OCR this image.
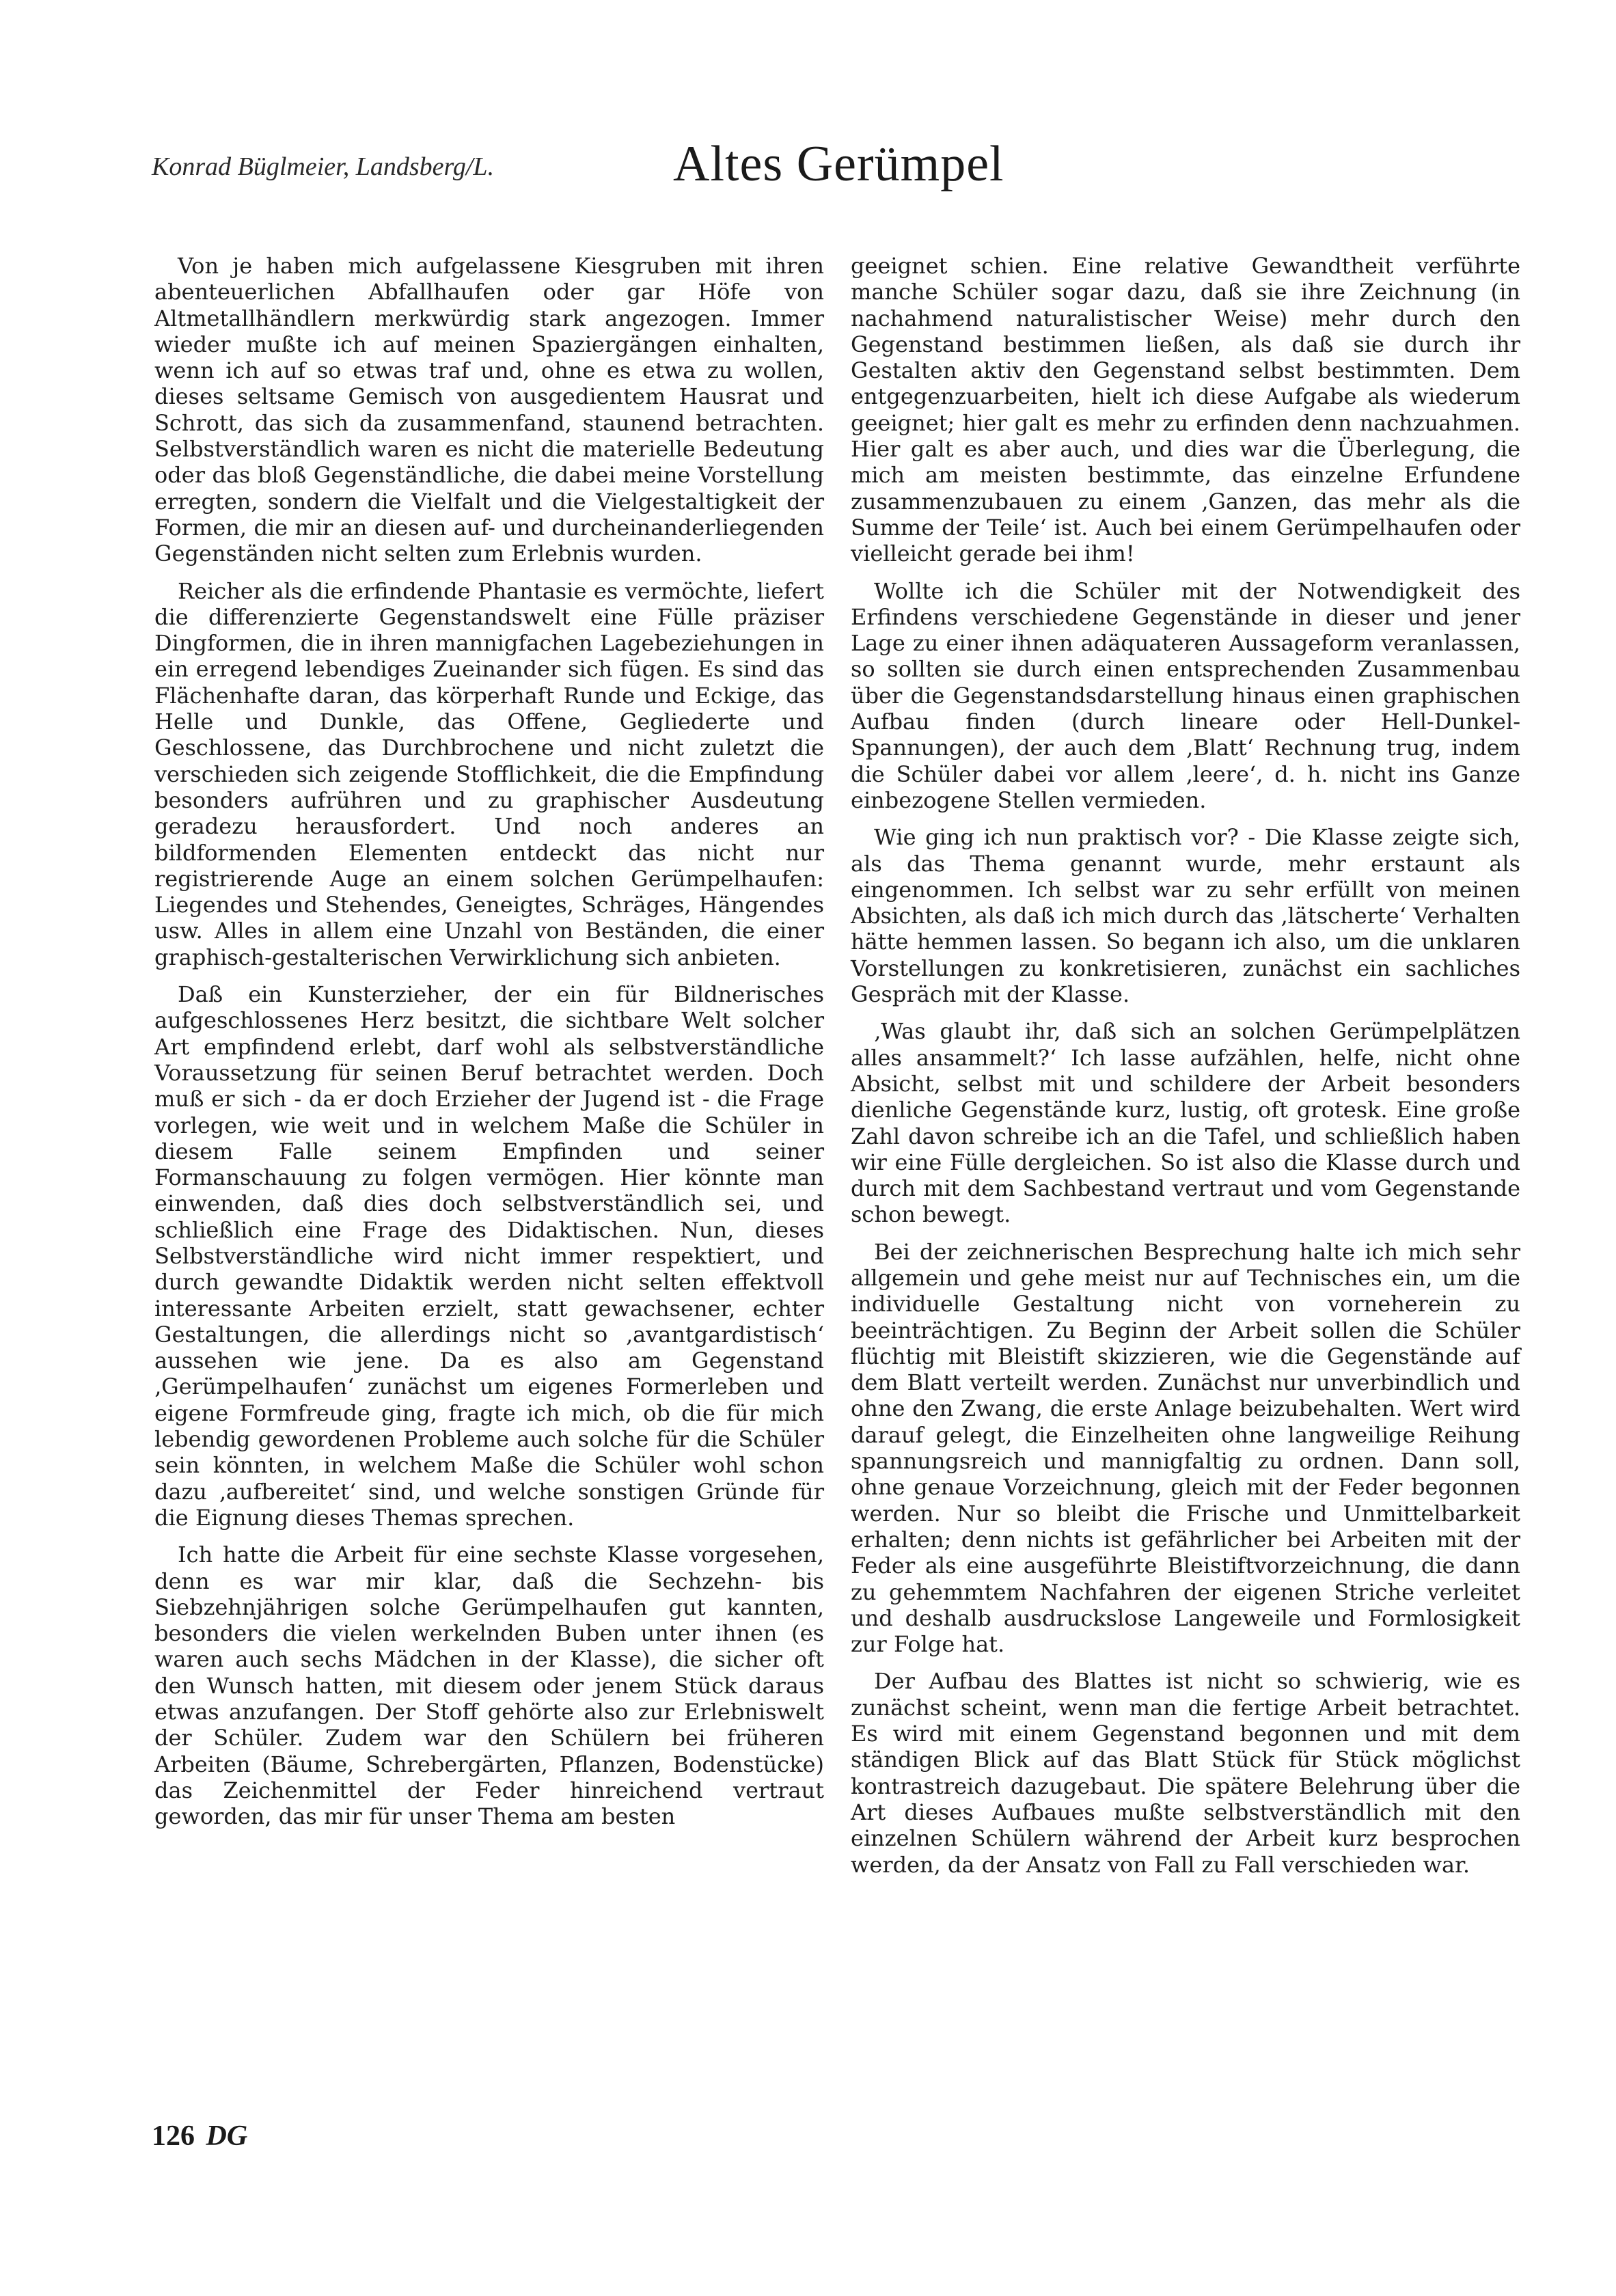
Konrad Büglmeier, Landsberg/L.	Altes Gerümpel

Von je haben mich aufgelassene Kiesgruben mit ihren abenteuerlichen Abfallhaufen oder gar Höfe von Altmetallhändlern merkwürdig stark angezogen. Immer wieder mußte ich auf meinen Spaziergängen einhalten, wenn ich auf so etwas traf und, ohne es etwa zu wollen, dieses seltsame Gemisch von ausgedientem Hausrat und Schrott, das sich da zusammenfand, staunend betrachten. Selbstverständlich waren es nicht die materielle Bedeutung oder das bloß Gegenständliche, die dabei meine Vorstellung erregten, sondern die Vielfalt und die Vielgestaltigkeit der Formen, die mir an diesen auf- und durcheinanderliegenden Gegenständen nicht selten zum Erlebnis wurden.

Reicher als die erfindende Phantasie es vermöchte, liefert die differenzierte Gegenstandswelt eine Fülle präziser Dingformen, die in ihren mannigfachen Lagebeziehungen in ein erregend lebendiges Zueinander sich fügen. Es sind das Flächenhafte daran, das körperhaft Runde und Eckige, das Helle und Dunkle, das Offene, Gegliederte und Geschlossene, das Durchbrochene und nicht zuletzt die verschieden sich zeigende Stofflichkeit, die die Empfindung besonders aufrühren und zu graphischer Ausdeutung geradezu herausfordert. Und noch anderes an bildformenden Elementen entdeckt das nicht nur registrierende Auge an einem solchen Gerümpelhaufen: Liegendes und Stehendes, Geneigtes, Schräges, Hängendes usw. Alles in allem eine Unzahl von Beständen, die einer graphisch-gestalterischen Verwirklichung sich anbieten.

Daß ein Kunsterzieher, der ein für Bildnerisches aufgeschlossenes Herz besitzt, die sichtbare Welt solcher Art empfindend erlebt, darf wohl als selbstverständliche Voraussetzung für seinen Beruf betrachtet werden. Doch muß er sich - da er doch Erzieher der Jugend ist - die Frage vorlegen, wie weit und in welchem Maße die Schüler in diesem Falle seinem Empfinden und seiner Formanschauung zu folgen vermögen. Hier könnte man einwenden, daß dies doch selbstverständlich sei, und schließlich eine Frage des Didaktischen. Nun, dieses Selbstverständliche wird nicht immer respektiert, und durch gewandte Didaktik werden nicht selten effektvoll interessante Arbeiten erzielt, statt gewachsener, echter Gestaltungen, die allerdings nicht so ‚avantgardistisch‘ aussehen wie jene. Da es also am Gegenstand ‚Gerümpelhaufen‘ zunächst um eigenes Formerleben und eigene Formfreude ging, fragte ich mich, ob die für mich lebendig gewordenen Probleme auch solche für die Schüler sein könnten, in welchem Maße die Schüler wohl schon dazu ‚aufbereitet‘ sind, und welche sonstigen Gründe für die Eignung dieses Themas sprechen.

Ich hatte die Arbeit für eine sechste Klasse vorgesehen, denn es war mir klar, daß die Sechzehn- bis Siebzehnjährigen solche Gerümpelhaufen gut kannten, besonders die vielen werkelnden Buben unter ihnen (es waren auch sechs Mädchen in der Klasse), die sicher oft den Wunsch hatten, mit diesem oder jenem Stück daraus etwas anzufangen. Der Stoff gehörte also zur Erlebniswelt der Schüler. Zudem war den Schülern bei früheren Arbeiten (Bäume, Schrebergärten, Pflanzen, Bodenstücke) das Zeichenmittel der Feder hinreichend vertraut geworden, das mir für unser Thema am besten

geeignet schien. Eine relative Gewandtheit verführte manche Schüler sogar dazu, daß sie ihre Zeichnung (in nachahmend naturalistischer Weise) mehr durch den Gegenstand bestimmen ließen, als daß sie durch ihr Gestalten aktiv den Gegenstand selbst bestimmten. Dem entgegenzuarbeiten, hielt ich diese Aufgabe als wiederum geeignet; hier galt es mehr zu erfinden denn nachzuahmen. Hier galt es aber auch, und dies war die Überlegung, die mich am meisten bestimmte, das einzelne Erfundene zusammenzubauen zu einem ‚Ganzen, das mehr als die Summe der Teile‘ ist. Auch bei einem Gerümpelhaufen oder vielleicht gerade bei ihm!

Wollte ich die Schüler mit der Notwendigkeit des Erfindens verschiedene Gegenstände in dieser und jener Lage zu einer ihnen adäquateren Aussageform veranlassen, so sollten sie durch einen entsprechenden Zusammenbau über die Gegenstandsdarstellung hinaus einen graphischen Aufbau finden (durch lineare oder Hell-Dunkel-Spannungen), der auch dem ‚Blatt‘ Rechnung trug, indem die Schüler dabei vor allem ‚leere‘, d. h. nicht ins Ganze einbezogene Stellen vermieden.

Wie ging ich nun praktisch vor? - Die Klasse zeigte sich, als das Thema genannt wurde, mehr erstaunt als eingenommen. Ich selbst war zu sehr erfüllt von meinen Absichten, als daß ich mich durch das ‚lätscherte‘ Verhalten hätte hemmen lassen. So begann ich also, um die unklaren Vorstellungen zu konkretisieren, zunächst ein sachliches Gespräch mit der Klasse.

‚Was glaubt ihr, daß sich an solchen Gerümpelplätzen alles ansammelt?‘ Ich lasse aufzählen, helfe, nicht ohne Absicht, selbst mit und schildere der Arbeit besonders dienliche Gegenstände kurz, lustig, oft grotesk. Eine große Zahl davon schreibe ich an die Tafel, und schließlich haben wir eine Fülle dergleichen. So ist also die Klasse durch und durch mit dem Sachbestand vertraut und vom Gegenstande schon bewegt.

Bei der zeichnerischen Besprechung halte ich mich sehr allgemein und gehe meist nur auf Technisches ein, um die individuelle Gestaltung nicht von vorneherein zu beeinträchtigen. Zu Beginn der Arbeit sollen die Schüler flüchtig mit Bleistift skizzieren, wie die Gegenstände auf dem Blatt verteilt werden. Zunächst nur unverbindlich und ohne den Zwang, die erste Anlage beizubehalten. Wert wird darauf gelegt, die Einzelheiten ohne langweilige Reihung spannungsreich und mannigfaltig zu ordnen. Dann soll, ohne genaue Vorzeichnung, gleich mit der Feder begonnen werden. Nur so bleibt die Frische und Unmittelbarkeit erhalten; denn nichts ist gefährlicher bei Arbeiten mit der Feder als eine ausgeführte Bleistiftvorzeichnung, die dann zu gehemmtem Nachfahren der eigenen Striche verleitet und deshalb ausdruckslose Langeweile und Formlosigkeit zur Folge hat.

Der Aufbau des Blattes ist nicht so schwierig, wie es zunächst scheint, wenn man die fertige Arbeit betrachtet. Es wird mit einem Gegenstand begonnen und mit dem ständigen Blick auf das Blatt Stück für Stück möglichst kontrastreich dazugebaut. Die spätere Belehrung über die Art dieses Aufbaues mußte selbstverständlich mit den einzelnen Schülern während der Arbeit kurz besprochen werden, da der Ansatz von Fall zu Fall verschieden war.

126 DG
